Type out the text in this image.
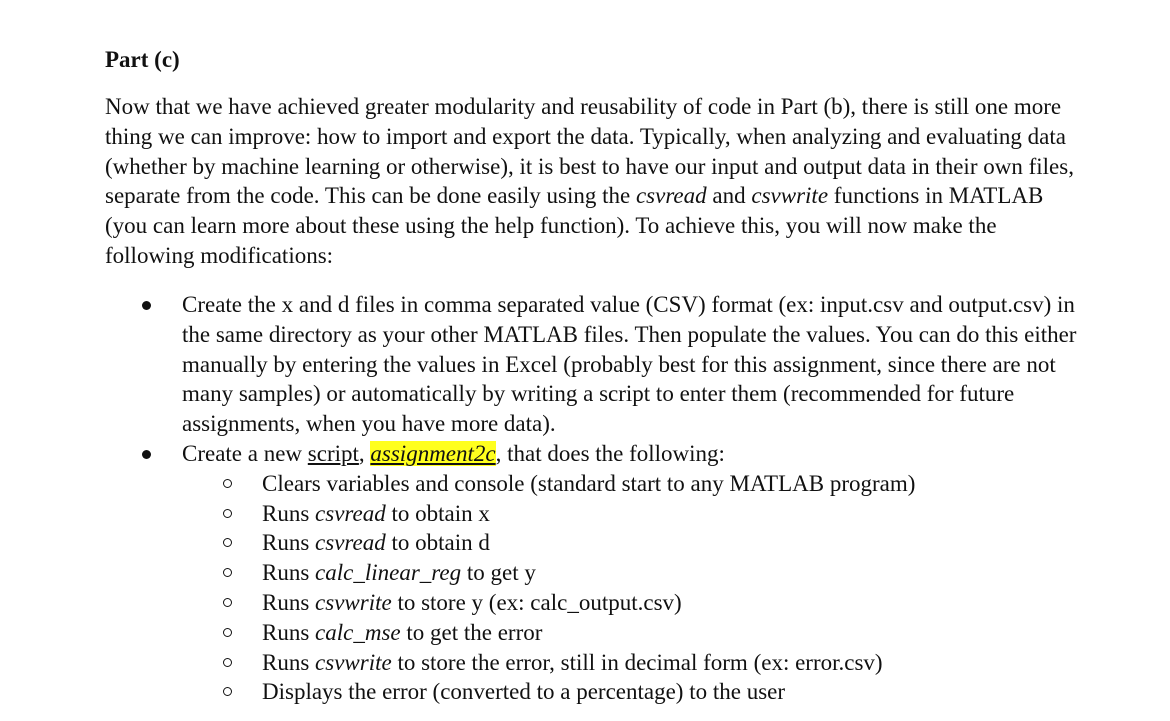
Part (c)
Now that we have achieved greater modularity and reusability of code in Part (b), there is still one more
thing we can improve: how to import and export the data. Typically, when analyzing and evaluating data
(whether by machine learning or otherwise), it is best to have our input and output data in their own files,
separate from the code. This can be done easily using the csvread and csvwrite functions in MATLAB
(you can learn more about these using the help function). To achieve this, you will now make the
following modifications:
Create the x and d files in comma separated value (CSV) format (ex: input.csv and output.csv) in
the same directory as your other MATLAB files. Then populate the values. You can do this either
manually by entering the values in Excel (probably best for this assignment, since there are not
many samples) or automatically by writing a script to enter them (recommended for future
assignments, when you have more data).
Create a new script, assignment2c, that does the following:
Clears variables and console (standard start to any MATLAB program)
Runs csvread to obtain x
Runs csvread to obtain d
Runs calc_linear_reg to get y
Runs csvwrite to store y (ex: calc_output.csv)
Runs calc_mse to get the error
Runs csvwrite to store the error, still in decimal form (ex: error.csv)
Displays the error (converted to a percentage) to the user
